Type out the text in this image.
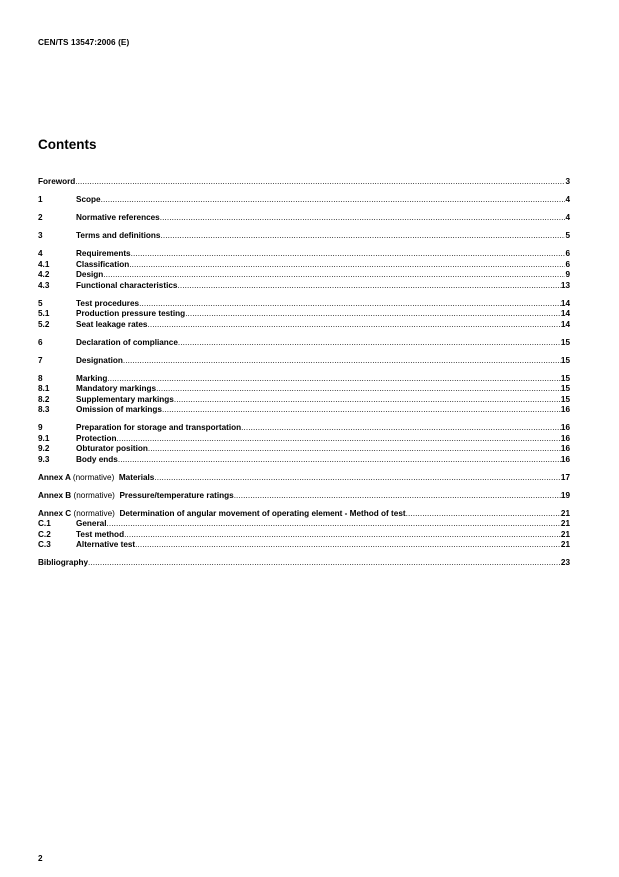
CEN/TS 13547:2006 (E)
Contents
Foreword .....	3
1	Scope .....	4
2	Normative references .....	4
3	Terms and definitions .....	5
4	Requirements .....	6
4.1	Classification .....	6
4.2	Design .....	9
4.3	Functional characteristics .....	13
5	Test procedures .....	14
5.1	Production pressure testing .....	14
5.2	Seat leakage rates .....	14
6	Declaration of compliance .....	15
7	Designation .....	15
8	Marking .....	15
8.1	Mandatory markings .....	15
8.2	Supplementary markings .....	15
8.3	Omission of markings .....	16
9	Preparation for storage and transportation .....	16
9.1	Protection .....	16
9.2	Obturator position .....	16
9.3	Body ends .....	16
Annex A (normative) Materials .....	17
Annex B (normative) Pressure/temperature ratings .....	19
Annex C (normative) Determination of angular movement of operating element - Method of test .....	21
C.1	General .....	21
C.2	Test method .....	21
C.3	Alternative test .....	21
Bibliography .....	23
2
